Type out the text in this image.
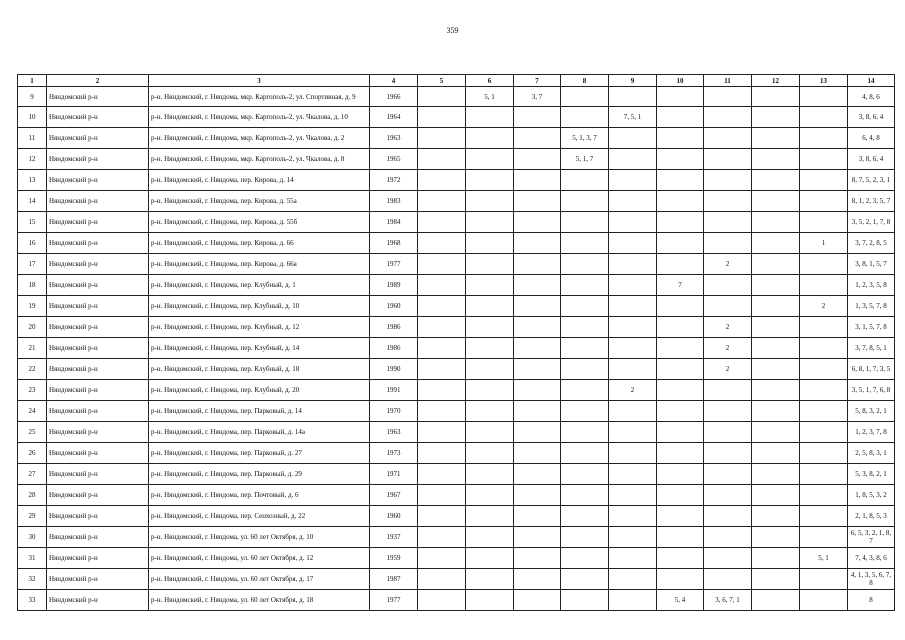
359
1	2	3	4	5	6	7	8	9	10	11	12	13	14
9	Няндомский р-н	р-н. Няндомский, г. Няндома, мкр. Каргополь-2, ул. Спортивная, д. 9	1966		5, 1	3, 7							4, 8, 6
10	Няндомский р-н	р-н. Няндомский, г. Няндома, мкр. Каргополь-2, ул. Чкалова, д. 10	1964					7, 5, 1					3, 8, 6, 4
11	Няндомский р-н	р-н. Няндомский, г. Няндома, мкр. Каргополь-2, ул. Чкалова, д. 2	1963				5, 1, 3, 7						6, 4, 8
12	Няндомский р-н	р-н. Няндомский, г. Няндома, мкр. Каргополь-2, ул. Чкалова, д. 8	1965				5, 1, 7						3, 8, 6, 4
13	Няндомский р-н	р-н. Няндомский, г. Няндома, пер. Кирова, д. 14	1972										8, 7, 5, 2, 3, 1
14	Няндомский р-н	р-н. Няндомский, г. Няндома, пер. Кирова, д. 55а	1983										8, 1, 2, 3, 5, 7
15	Няндомский р-н	р-н. Няндомский, г. Няндома, пер. Кирова, д. 55б	1984										3, 5, 2, 1, 7, 8
16	Няндомский р-н	р-н. Няндомский, г. Няндома, пер. Кирова, д. 66	1968									1	3, 7, 2, 8, 5
17	Няндомский р-н	р-н. Няндомский, г. Няндома, пер. Кирова, д. 66а	1977							2			3, 8, 1, 5, 7
18	Няндомский р-н	р-н. Няндомский, г. Няндома, пер. Клубный, д. 1	1989						7				1, 2, 3, 5, 8
19	Няндомский р-н	р-н. Няндомский, г. Няндома, пер. Клубный, д. 10	1960									2	1, 3, 5, 7, 8
20	Няндомский р-н	р-н. Няндомский, г. Няндома, пер. Клубный, д. 12	1986							2			3, 1, 5, 7, 8
21	Няндомский р-н	р-н. Няндомский, г. Няндома, пер. Клубный, д. 14	1986							2			3, 7, 8, 5, 1
22	Няндомский р-н	р-н. Няндомский, г. Няндома, пер. Клубный, д. 18	1990							2			6, 8, 1, 7, 3, 5
23	Няндомский р-н	р-н. Няндомский, г. Няндома, пер. Клубный, д. 20	1991					2					3, 5, 1, 7, 6, 8
24	Няндомский р-н	р-н. Няндомский, г. Няндома, пер. Парковый, д. 14	1970										5, 8, 3, 2, 1
25	Няндомский р-н	р-н. Няндомский, г. Няндома, пер. Парковый, д. 14а	1963										1, 2, 3, 7, 8
26	Няндомский р-н	р-н. Няндомский, г. Няндома, пер. Парковый, д. 27	1973										2, 5, 8, 3, 1
27	Няндомский р-н	р-н. Няндомский, г. Няндома, пер. Парковый, д. 29	1971										5, 3, 8, 2, 1
28	Няндомский р-н	р-н. Няндомский, г. Няндома, пер. Почтовый, д. 6	1967										1, 8, 5, 3, 2
29	Няндомский р-н	р-н. Няндомский, г. Няндома, пер. Сенхозный, д. 22	1960										2, 1, 8, 5, 3
30	Няндомский р-н	р-н. Няндомский, г. Няндома, ул. 60 лет Октября, д. 10	1937										6, 5, 3, 2, 1, 8, 7
31	Няндомский р-н	р-н. Няндомский, г. Няндома, ул. 60 лет Октября, д. 12	1959									5, 1	7, 4, 3, 8, 6
32	Няндомский р-н	р-н. Няндомский, г. Няндома, ул. 60 лет Октября, д. 17	1987										4, 1, 3, 5, 6, 7, 8
33	Няндомский р-н	р-н. Няндомский, г. Няндома, ул. 60 лет Октября, д. 18	1977						5, 4	3, 6, 7, 1			8
